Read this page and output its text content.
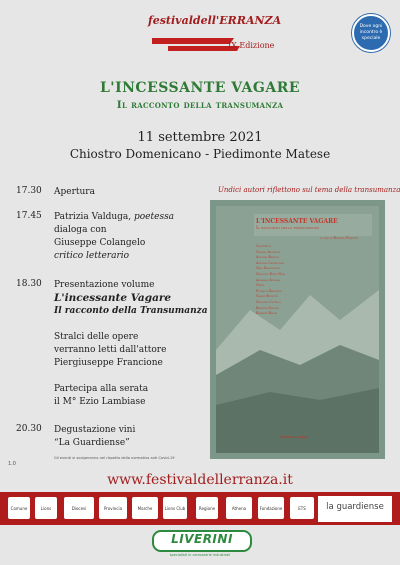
festivaldell'ERRANZA
IX Edizione
Dove ogni incontro è speciale
L'INCESSANTE VAGARE
Il racconto della transumanza
11 settembre 2021
Chiostro Domenicano - Piedimonte Matese
17.30 Apertura
17.45 Patrizia Valduga, poetessa
dialoga con
Giuseppe Colangelo
critico letterario
18.30 Presentazione volume
L'incessante Vagare
Il racconto della Transumanza
Stralci delle opere
verranno letti dall'attore
Piergiuseppe Francione
Partecipa alla serata
il M° Ezio Lambiase
20.30 Degustazione vini
“La Guardiense”
Gli eventi si svolgeranno nel rispetto della normativa anti Covid-19
Undici autori riflettono sul tema della transumanza
L'INCESSANTE VAGARE
Il racconto della transumanza
a cura di Roberto Perrotti
Contributi
Giorgia Antonica
Antonio Bianchi
Antonio Castellano
Gino Dascollevo
Gianluca Rizzo Nilo
Armando Sciarda
Opere
Federica Balestra
Gianni Buzzetti
Giovanni Castelli
Roberta Giangni
Roberta Meori
edizioni saggi
1.0
www.festivaldellerranza.it
Comune	Lions	Diocesi	Provincia	Marche	Lions Club	Regione	Athena	Fondazione	ETS	la guardiense
LIVERINI
specialisti in carrozzerie industriali
